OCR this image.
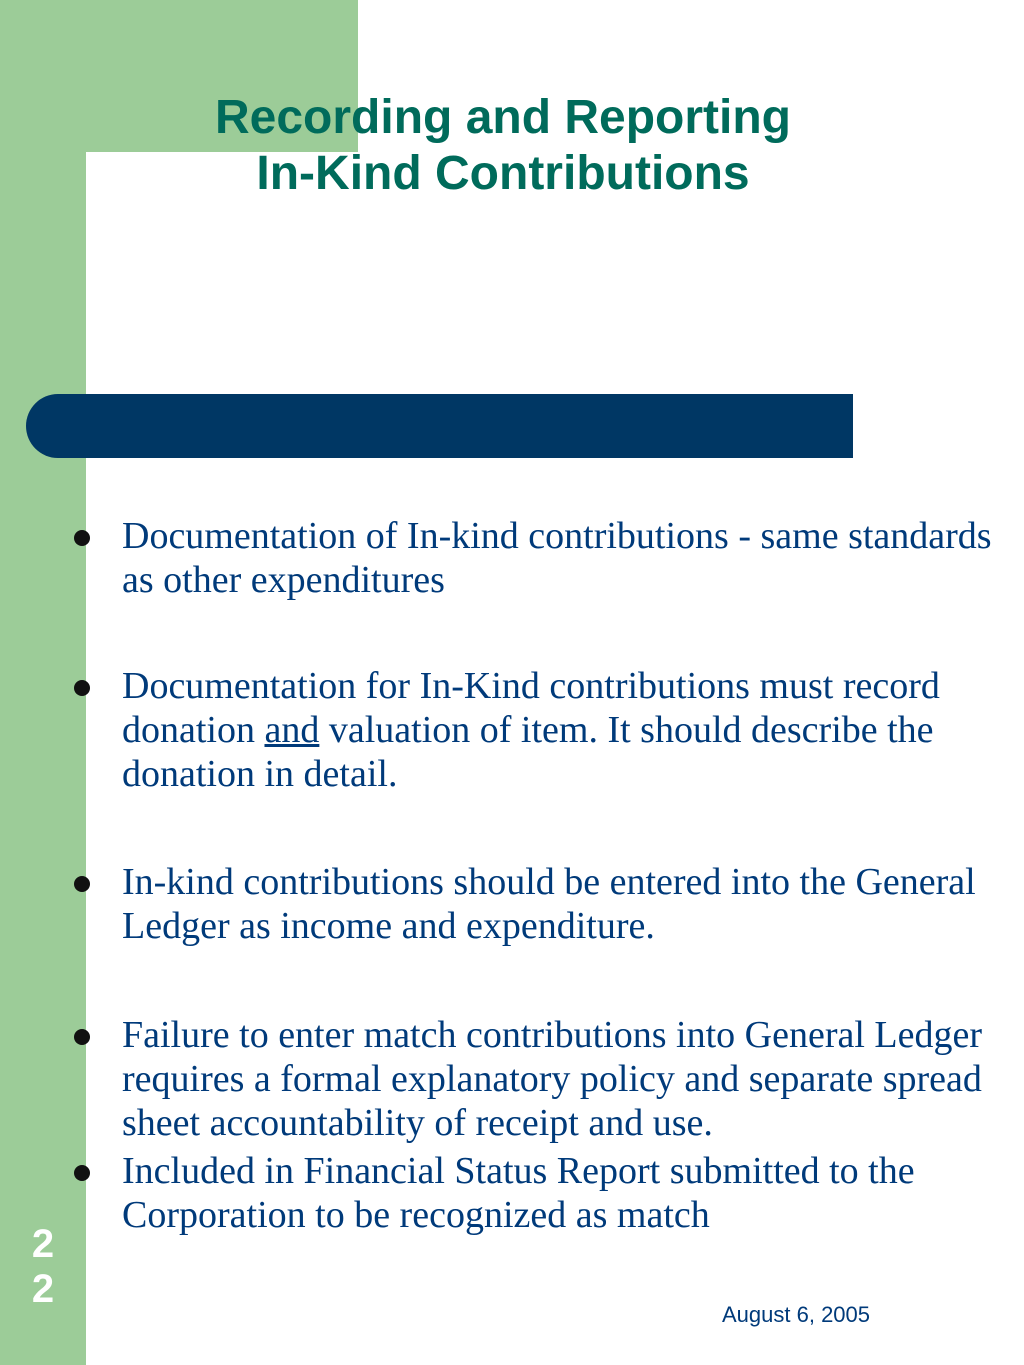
Recording and Reporting
In-Kind Contributions
Documentation of In-kind contributions - same standards as other expenditures
Documentation for In-Kind contributions must record donation and valuation of item. It should describe the donation in detail.
In-kind contributions should be entered into the General Ledger as income and expenditure.
Failure to enter match contributions into General Ledger requires a formal explanatory policy and separate spread sheet accountability of receipt and use.
Included in Financial Status Report submitted to the Corporation to be recognized as match
22
August 6, 2005
